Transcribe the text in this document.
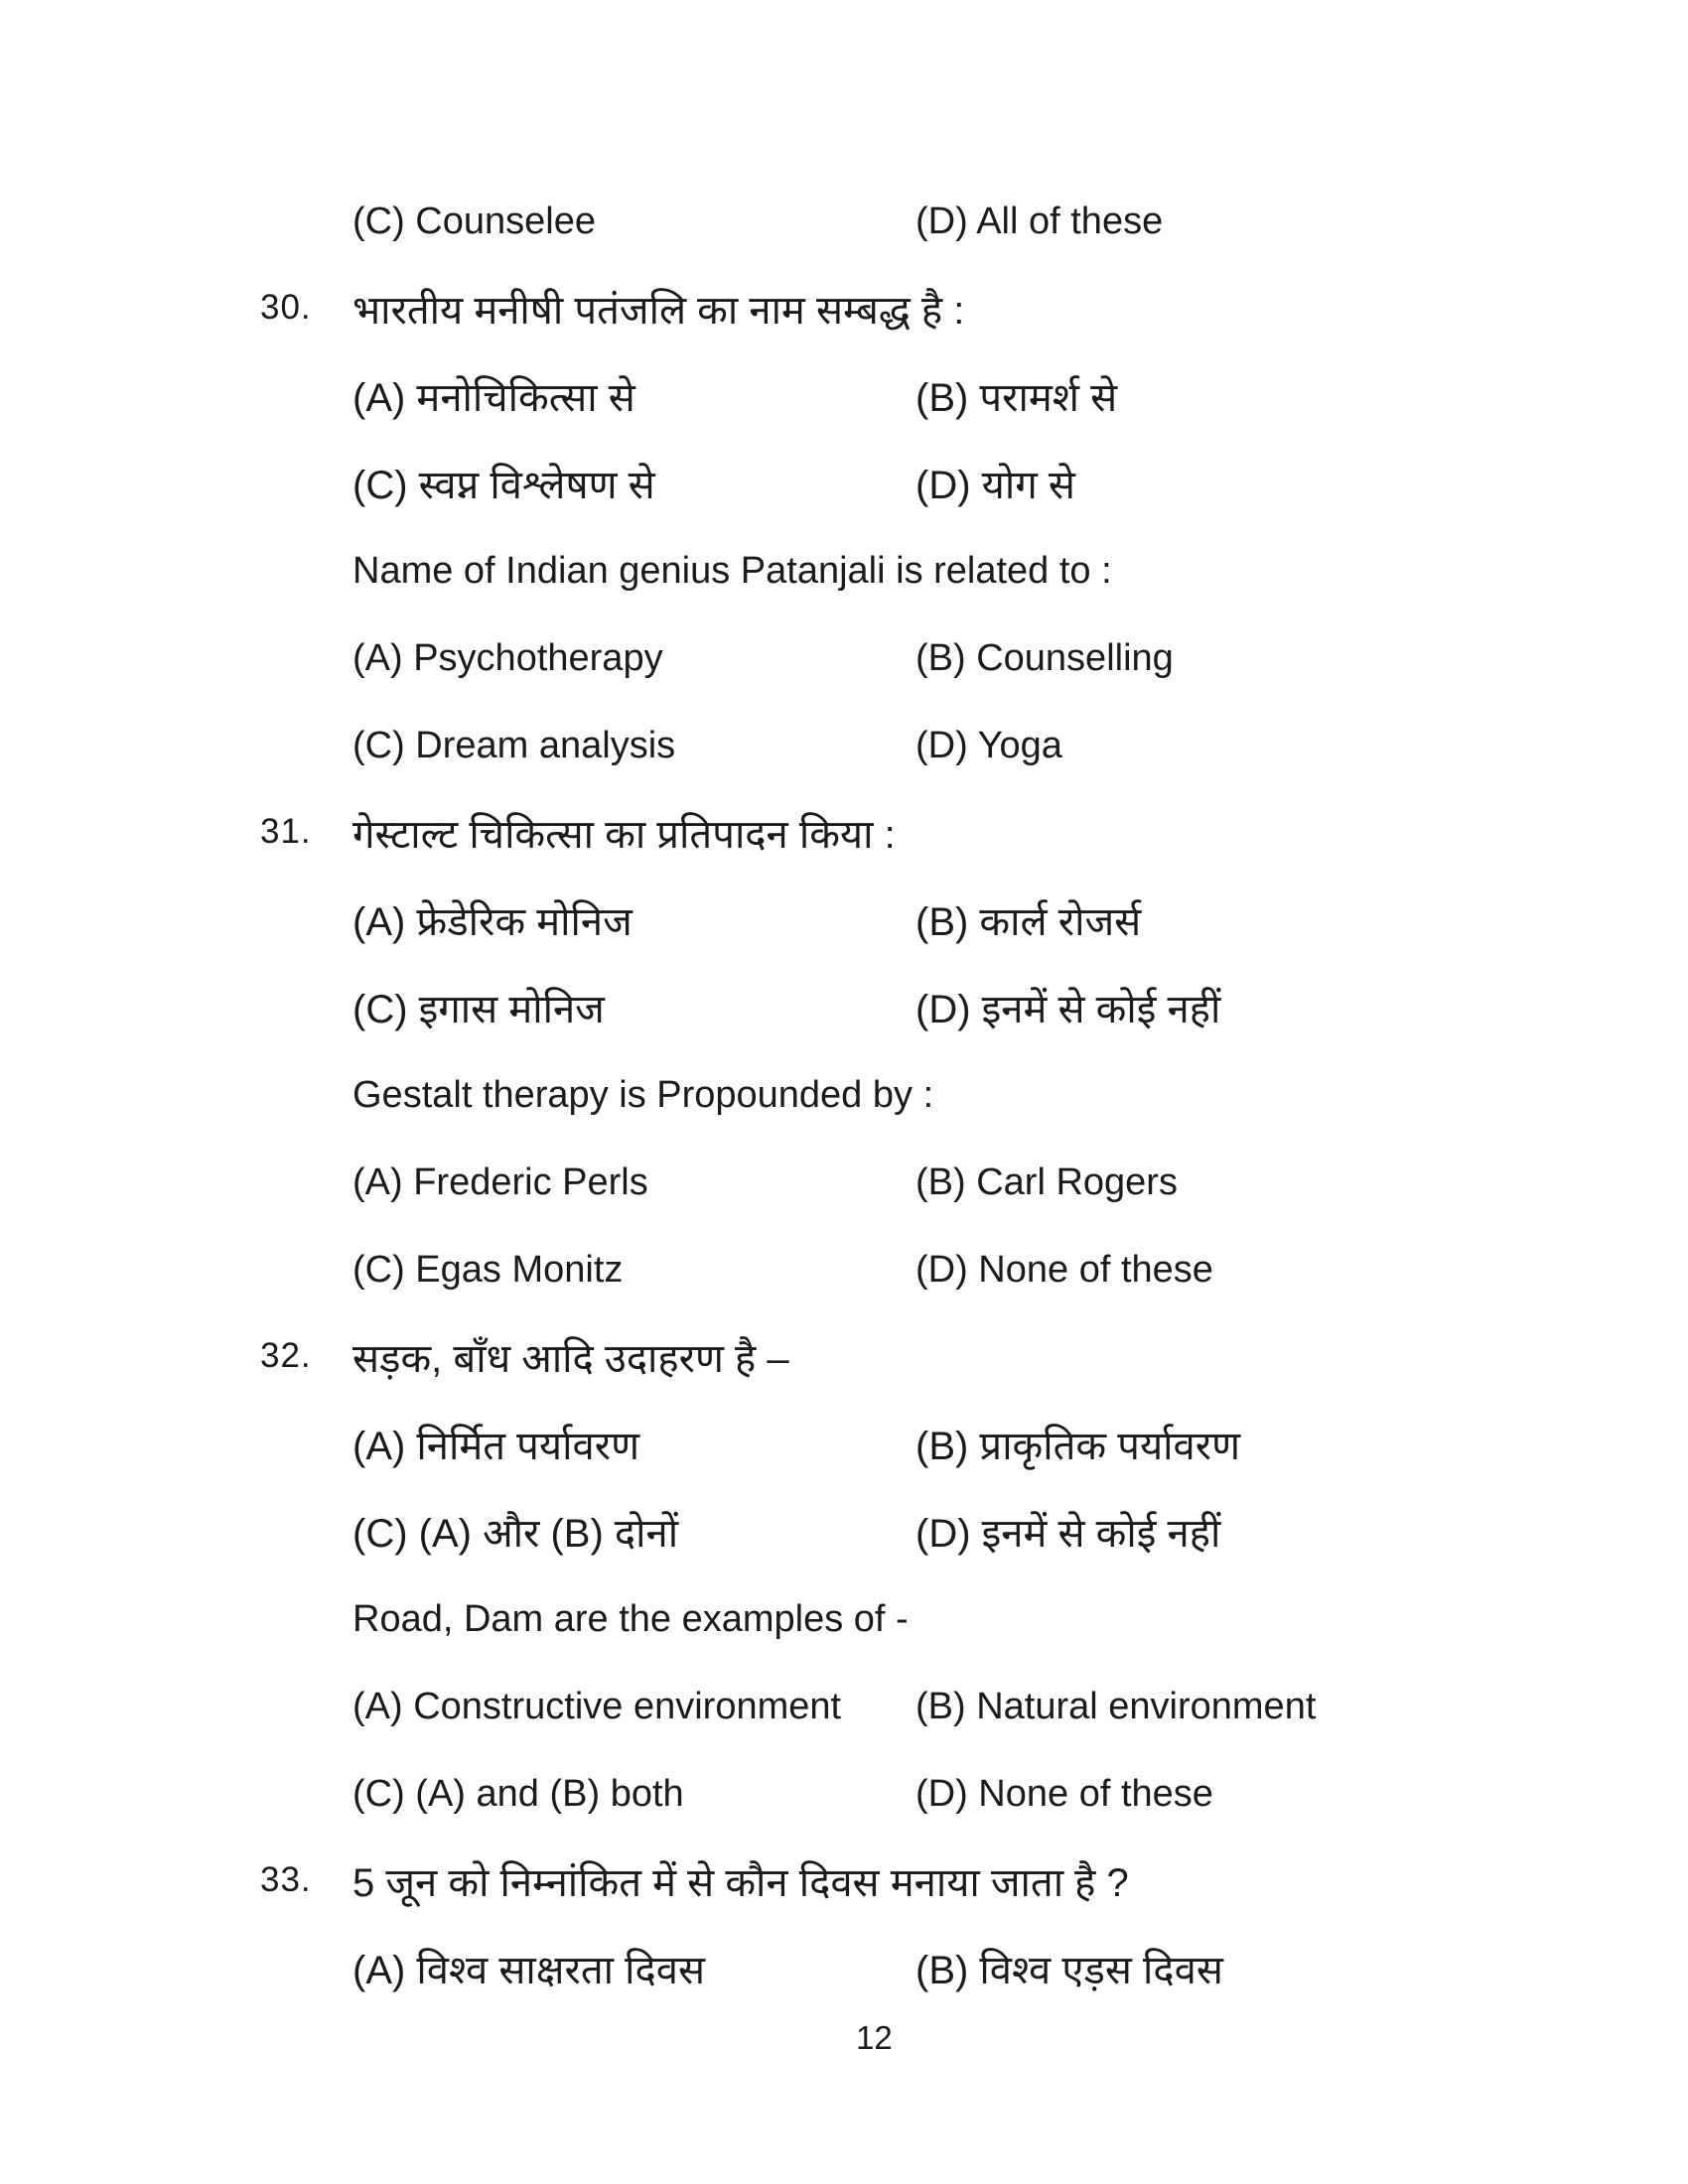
(C) Counselee	(D) All of these
30.	भारतीय मनीषी पतंजलि का नाम सम्बद्ध है :
(A) मनोचिकित्सा से	(B) परामर्श से
(C) स्वप्न विश्लेषण से	(D) योग से
Name of Indian genius Patanjali is related to :
(A) Psychotherapy	(B) Counselling
(C) Dream analysis	(D) Yoga
31.	गेस्टाल्ट चिकित्सा का प्रतिपादन किया :
(A) फ्रेडेरिक मोनिज	(B) कार्ल रोजर्स
(C) इगास मोनिज	(D) इनमें से कोई नहीं
Gestalt therapy is Propounded by :
(A) Frederic Perls	(B) Carl Rogers
(C) Egas Monitz	(D) None of these
32.	सड़क, बाँध आदि उदाहरण है –
(A) निर्मित पर्यावरण	(B) प्राकृतिक पर्यावरण
(C) (A) और (B) दोनों	(D) इनमें से कोई नहीं
Road, Dam are the examples of -
(A) Constructive environment	(B) Natural environment
(C) (A) and (B) both	(D) None of these
33.	5 जून को निम्नांकित में से कौन दिवस मनाया जाता है ?
(A) विश्व साक्षरता दिवस	(B) विश्व एड़स दिवस
12
